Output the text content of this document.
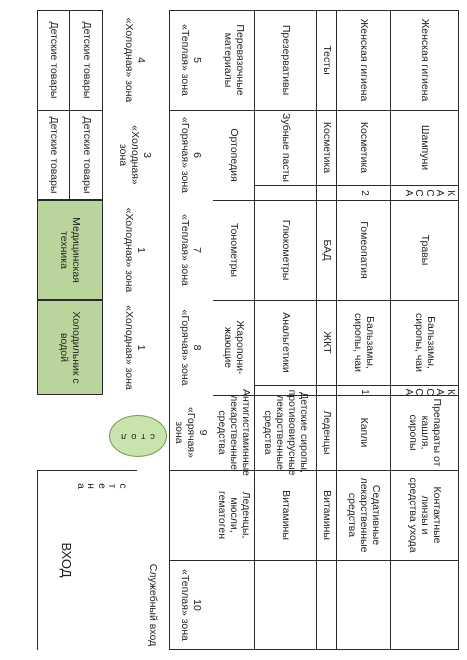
Женская гигиена
Шампуни
Травы
Бальзамы, сиропы, чаи
Препараты от кашля, сиропы
Контактные линзы и средства ухода
Женская гигиена
Косметика
Гомеопатия
Бальзамы, сиропы, чаи
Капли
Седативные лекарственные средства
Тесты
Косметика
БАД
ЖКТ
Леденцы
Витамины
Презервативы
Зубные пасты
Глюкометры
Анальгетики
Детские сиропы, противовирусные лекарственные средства
Витамины
Перевязочные материалы
Ортопедия
Тонометры
Жаропони-жающие
Антигистаминные лекарственные средства
Леденцы, мюсли, гематоген
К
А
С
С
А
2
К
А
С
С
А
1
5
«Теплая» зона
6
«Горячая» зона
7
«Теплая» зона
8
«Горячая» зона
9
«Горячая» зона
10
«Теплая» зона
Служебный вход
4
«Холодная» зона
3
«Холодная» зона
1
«Холодная» зона
1
«Холодная» зона
Детские товары
Детские товары
Детские товары
Детские товары
Медицинская техника
Холодильник с водой
с т о л
с т е н а
ВХОД
